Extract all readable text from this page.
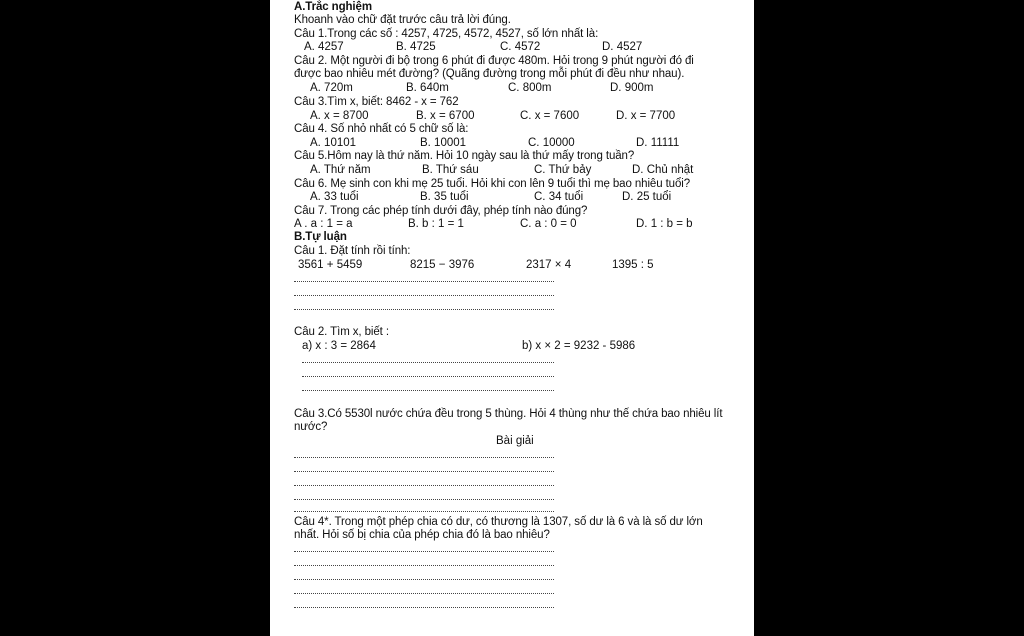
A.Trắc nghiệm
Khoanh vào chữ đặt trước câu trả lời đúng.
Câu 1.Trong các số : 4257, 4725, 4572, 4527, số lớn nhất là:
A. 4257	B. 4725	C. 4572	D. 4527
Câu 2. Một người đi bộ trong 6 phút đi được 480m. Hỏi trong 9 phút người đó đi
được bao nhiêu mét đường? (Quãng đường trong mỗi phút đi đều như nhau).
A. 720m	B. 640m	C. 800m	D. 900m
Câu 3.Tìm x, biết: 8462 - x = 762
A. x = 8700	B. x = 6700	C. x = 7600	D. x = 7700
Câu 4. Số nhỏ nhất có 5 chữ số là:
A. 10101	B. 10001	C. 10000	D. 11111
Câu 5.Hôm nay là thứ năm. Hỏi 10 ngày sau là thứ mấy trong tuần?
A. Thứ năm	B. Thứ sáu	C. Thứ bảy	D. Chủ nhật
Câu 6. Mẹ sinh con khi mẹ 25 tuổi. Hỏi khi con lên 9 tuổi thì mẹ bao nhiêu tuổi?
A. 33 tuổi	B. 35 tuổi	C. 34 tuổi	D. 25 tuổi
Câu 7. Trong các phép tính dưới đây, phép tính nào đúng?
A . a : 1 = a	B. b : 1 = 1	C. a : 0 = 0	D. 1 : b = b
B.Tự luận
Câu 1. Đặt tính rồi tính:
3561 + 5459	8215 − 3976	2317 × 4	1395 : 5
Câu 2. Tìm x, biết :
a) x : 3 = 2864	b) x × 2 = 9232 - 5986
Câu 3.Có 5530l nước chứa đều trong 5 thùng. Hỏi 4 thùng như thế chứa bao nhiêu lít
nước?
Bài giải
Câu 4*. Trong một phép chia có dư, có thương là 1307, số dư là 6 và là số dư lớn
nhất. Hỏi số bị chia của phép chia đó là bao nhiêu?
